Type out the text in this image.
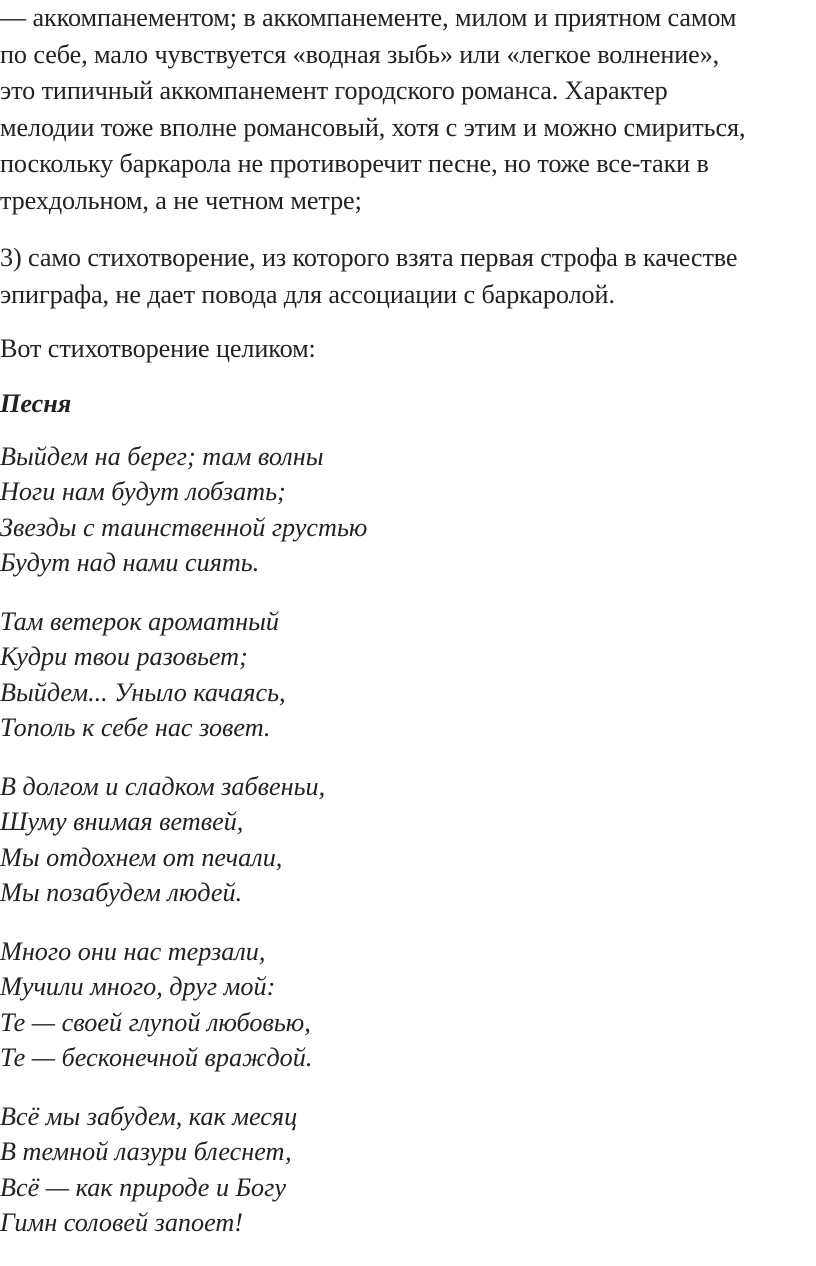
— аккомпанементом; в аккомпанементе, милом и приятном самом
по себе, мало чувствуется «водная зыбь» или «легкое волнение»,
это типичный аккомпанемент городского романса. Характер
мелодии тоже вполне романсовый, хотя с этим и можно смириться,
поскольку баркарола не противоречит песне, но тоже все-таки в
трехдольном, а не четном метре;

3) само стихотворение, из которого взята первая строфа в качестве
эпиграфа, не дает повода для ассоциации с баркаролой.

Вот стихотворение целиком:

Песня

Выйдем на берег; там волны
Ноги нам будут лобзать;
Звезды с таинственной грустью
Будут над нами сиять.

Там ветерок ароматный
Кудри твои разовьет;
Выйдем... Уныло качаясь,
Тополь к себе нас зовет.

В долгом и сладком забвеньи,
Шуму внимая ветвей,
Мы отдохнем от печали,
Мы позабудем людей.

Много они нас терзали,
Мучили много, друг мой:
Те — своей глупой любовью,
Те — бесконечной враждой.

Всё мы забудем, как месяц
В темной лазури блеснет,
Всё — как природе и Богу
Гимн соловей запоет!
